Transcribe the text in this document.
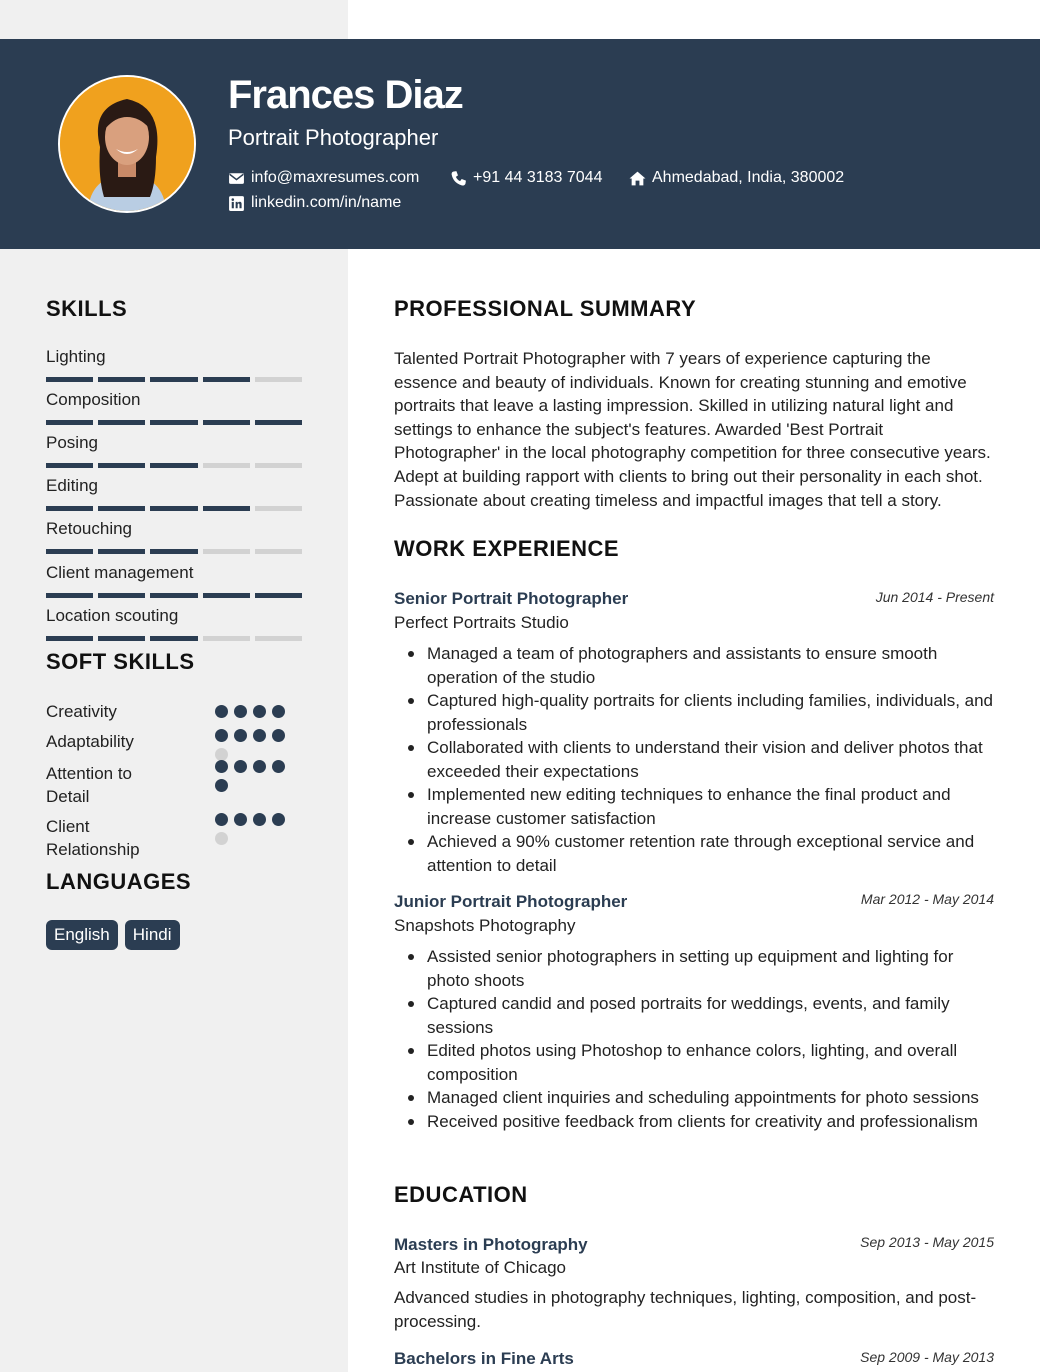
Frances Diaz
Portrait Photographer
info@maxresumes.com	+91 44 3183 7044	Ahmedabad, India, 380002
linkedin.com/in/name
SKILLS
Lighting
Composition
Posing
Editing
Retouching
Client management
Location scouting
SOFT SKILLS
Creativity
Adaptability
Attention to Detail
Client Relationship
LANGUAGES
English	Hindi
PROFESSIONAL SUMMARY
Talented Portrait Photographer with 7 years of experience capturing the essence and beauty of individuals. Known for creating stunning and emotive portraits that leave a lasting impression. Skilled in utilizing natural light and settings to enhance the subject's features. Awarded 'Best Portrait Photographer' in the local photography competition for three consecutive years. Adept at building rapport with clients to bring out their personality in each shot. Passionate about creating timeless and impactful images that tell a story.
WORK EXPERIENCE
Senior Portrait Photographer	Jun 2014 - Present
Perfect Portraits Studio
Managed a team of photographers and assistants to ensure smooth operation of the studio
Captured high-quality portraits for clients including families, individuals, and professionals
Collaborated with clients to understand their vision and deliver photos that exceeded their expectations
Implemented new editing techniques to enhance the final product and increase customer satisfaction
Achieved a 90% customer retention rate through exceptional service and attention to detail
Junior Portrait Photographer	Mar 2012 - May 2014
Snapshots Photography
Assisted senior photographers in setting up equipment and lighting for photo shoots
Captured candid and posed portraits for weddings, events, and family sessions
Edited photos using Photoshop to enhance colors, lighting, and overall composition
Managed client inquiries and scheduling appointments for photo sessions
Received positive feedback from clients for creativity and professionalism
EDUCATION
Masters in Photography	Sep 2013 - May 2015
Art Institute of Chicago
Advanced studies in photography techniques, lighting, composition, and post-processing.
Bachelors in Fine Arts	Sep 2009 - May 2013
